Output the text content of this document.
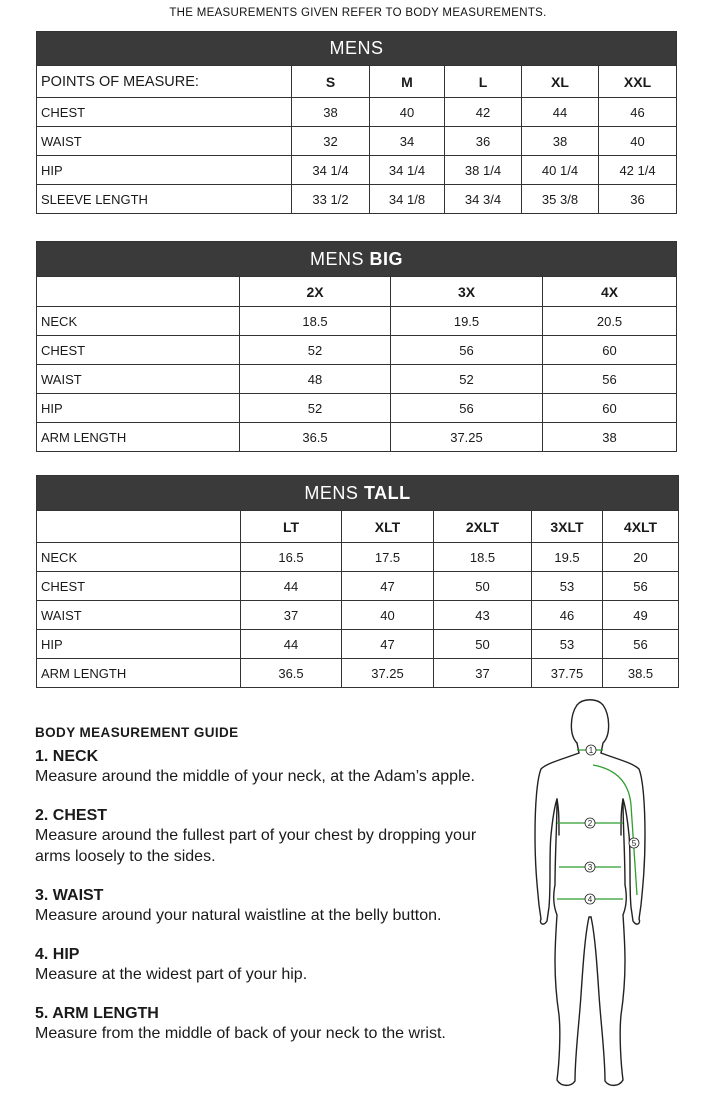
THE MEASUREMENTS GIVEN REFER TO BODY MEASUREMENTS.
MENS					
POINTS OF MEASURE:	S	M	L	XL	XXL
CHEST	38	40	42	44	46
WAIST	32	34	36	38	40
HIP	34 1/4	34 1/4	38 1/4	40 1/4	42 1/4
SLEEVE LENGTH	33 1/2	34 1/8	34 3/4	35 3/8	36
MENS BIG			
	2X	3X	4X
NECK	18.5	19.5	20.5
CHEST	52	56	60
WAIST	48	52	56
HIP	52	56	60
ARM LENGTH	36.5	37.25	38
MENS TALL					
	LT	XLT	2XLT	3XLT	4XLT
NECK	16.5	17.5	18.5	19.5	20
CHEST	44	47	50	53	56
WAIST	37	40	43	46	49
HIP	44	47	50	53	56
ARM LENGTH	36.5	37.25	37	37.75	38.5
BODY MEASUREMENT GUIDE
1. NECK

Measure around the middle of your neck, at the Adam’s apple.

2. CHEST

Measure around the fullest part of your chest by dropping your arms loosely to the sides.

3. WAIST

Measure around your natural waistline at the belly button.

4. HIP

Measure at the widest part of your hip.

5. ARM LENGTH

Measure from the middle of back of your neck to the wrist.

1
2
3
4
5
